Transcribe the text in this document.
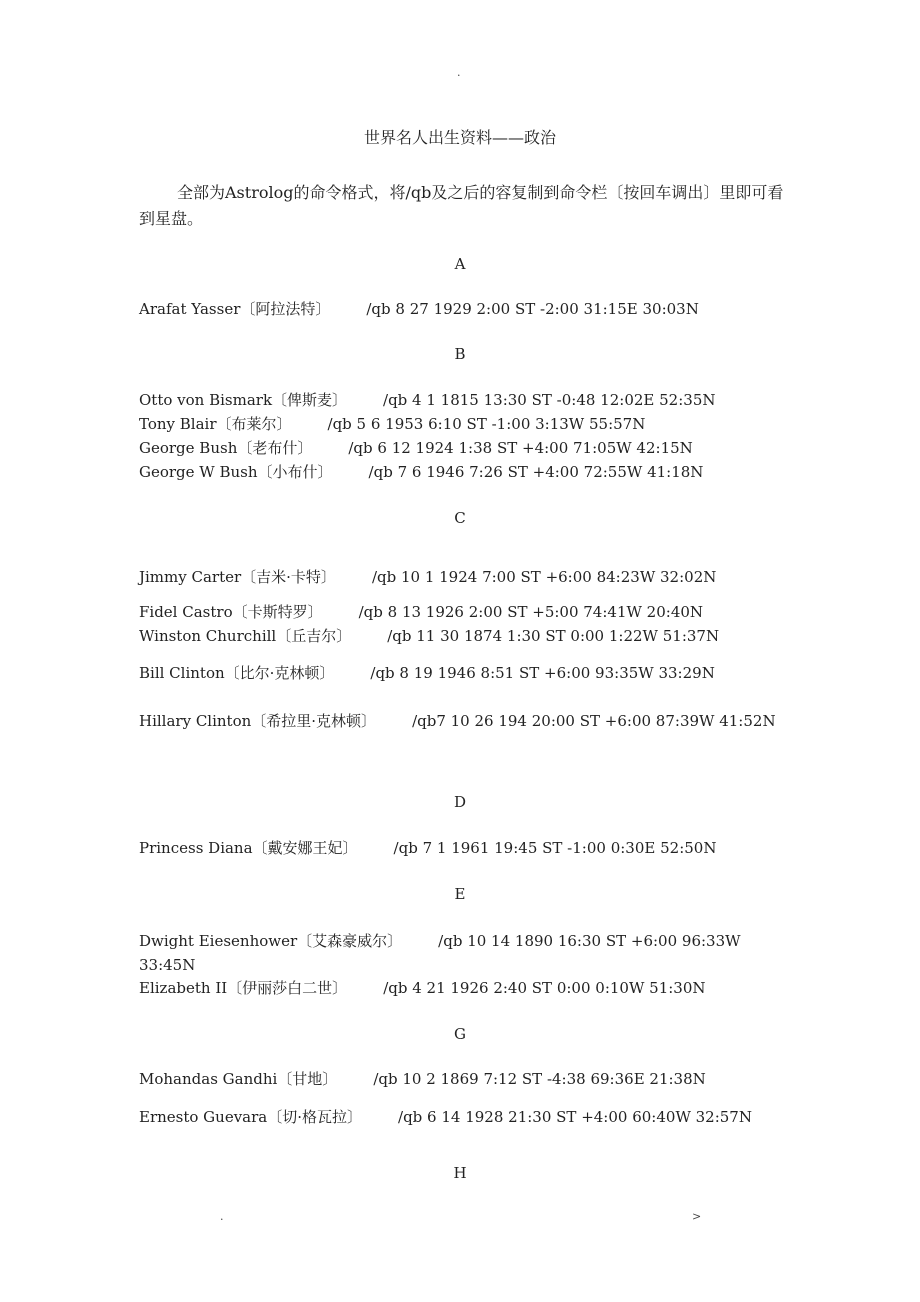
.
世界名人出生资料——政治

全部为Astrolog的命令格式，将/qb及之后的容复制到命令栏〔按回车调出〕里即可看到星盘。

A
Arafat Yasser〔阿拉法特〕 /qb 8 27 1929 2:00 ST -2:00 31:15E 30:03N
B
Otto von Bismark〔俾斯麦〕 /qb 4 1 1815 13:30 ST -0:48 12:02E 52:35N
Tony Blair〔布莱尔〕 /qb 5 6 1953 6:10 ST -1:00 3:13W 55:57N
George Bush〔老布什〕 /qb 6 12 1924 1:38 ST +4:00 71:05W 42:15N
George W Bush〔小布什〕 /qb 7 6 1946 7:26 ST +4:00 72:55W 41:18N
C
Jimmy Carter〔吉米·卡特〕 /qb 10 1 1924 7:00 ST +6:00 84:23W 32:02N
Fidel Castro〔卡斯特罗〕 /qb 8 13 1926 2:00 ST +5:00 74:41W 20:40N
Winston Churchill〔丘吉尔〕 /qb 11 30 1874 1:30 ST 0:00 1:22W 51:37N
Bill Clinton〔比尔·克林顿〕 /qb 8 19 1946 8:51 ST +6:00 93:35W 33:29N
Hillary Clinton〔希拉里·克林顿〕 /qb7 10 26 194 20:00 ST +6:00 87:39W 41:52N
D
Princess Diana〔戴安娜王妃〕 /qb 7 1 1961 19:45 ST -1:00 0:30E 52:50N
E
Dwight Eiesenhower〔艾森豪威尔〕 /qb 10 14 1890 16:30 ST +6:00 96:33W 33:45N
Elizabeth II〔伊丽莎白二世〕 /qb 4 21 1926 2:40 ST 0:00 0:10W 51:30N
G
Mohandas Gandhi〔甘地〕 /qb 10 2 1869 7:12 ST -4:38 69:36E 21:38N
Ernesto Guevara〔切·格瓦拉〕 /qb 6 14 1928 21:30 ST +4:00 60:40W 32:57N
H
.	>
